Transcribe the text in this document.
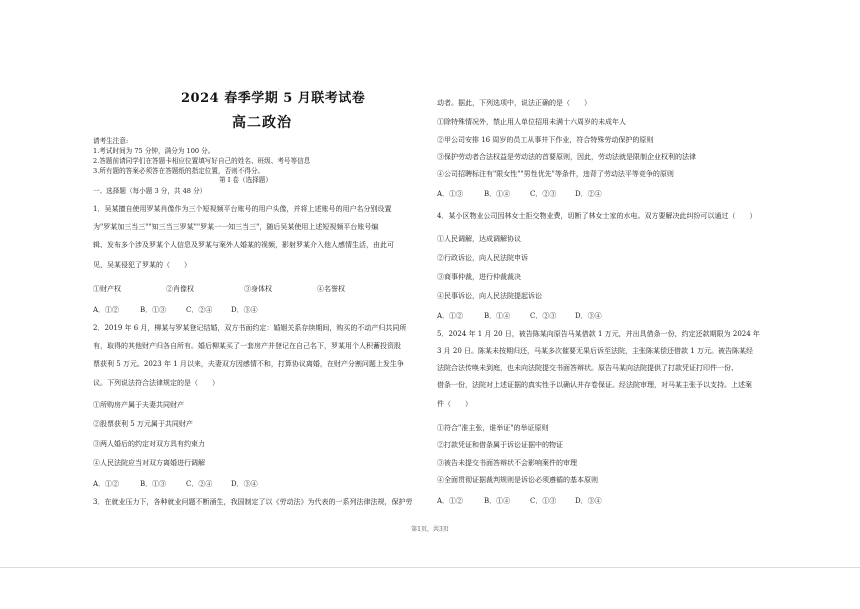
2024 春季学期 5 月联考试卷
高二政治
请考生注意:
1.考试时间为 75 分钟，满分为 100 分。
2.答题前请同学们在答题卡相应位置填写好自己的姓名、班级、考号等信息
3.所有题的答案必须答在答题纸的指定位置，否则不得分。
第 I 卷（选择题）
一、选择题（每小题 3 分，共 48 分）
1．吴某擅自使用罗某肖像作为三个短视频平台账号的用户头像，并将上述账号的用户名分别设置
为"罗某加三当三""知三当三罗某""罗某一一知三当三"，随后吴某使用上述短视频平台账号编
辑、发布多个涉及罗某个人信息及罗某与案外人婚某的视频，影射罗某介入他人感情生活，由此可
见，吴某侵犯了罗某的（　　）
①财产权	②肖像权	③身体权	④名誉权
A．①②	B．①③	C．②④	D．③④
2．2019 年 6 月，柳某与罗某登记结婚，双方书面约定：婚姻关系存续期间，购买的不动产归共同所
有，取得的其他财产归各自所有。婚后柳某买了一套房产并登记在自己名下，罗某用个人积蓄投资股
票获利 5 万元。2023 年 1 月以来，夫妻双方因感情不和，打算协议离婚，在财产分割问题上发生争
议。下列说法符合法律规定的是（　　）
①所购房产属于夫妻共同财产
②股票获利 5 万元属于共同财产
③两人婚后的约定对双方具有约束力
④人民法院应当对双方离婚进行调解
A．①②	B．①③	C．②④	D．③④
3．在就业压力下，各种就业问题不断涌生，我国制定了以《劳动法》为代表的一系列法律法规，保护劳
动者。据此，下列选项中，说法正确的是（　　）
①除特殊情况外，禁止用人单位招用未满十六周岁的未成年人
②甲公司安排 16 周岁的员工从事井下作业，符合特殊劳动保护的原则
③保护劳动者合法权益是劳动法的首要原则，因此，劳动法就是限制企业权利的法律
④公司招聘标注有"限女性""男性优先"等条件，违背了劳动法平等竞争的原则
A．①③	B．①④	C．②③	D．②④
4．某小区物业公司因林女士拒交物业费，切断了林女士家的水电。双方要解决此纠纷可以通过（　　）
①人民调解，达成调解协议
②行政诉讼，向人民法院申诉
③商事仲裁，进行仲裁裁决
④民事诉讼，向人民法院提起诉讼
A．①②	B．①④	C．②③	D．③④
5．2024 年 1 月 20 日，被告陈某向原告马某借款 1 万元，并出具借条一份，约定还款期限为 2024 年
3 月 20 日。陈某未按期归还，马某多次催要无果后诉至法院，主张陈某偿还借款 1 万元。被告陈某经
法院合法传唤未到庭，也未向法院提交书面答辩状。原告马某向法院提供了打款凭证打印件一份、
借条一份，法院对上述证据的真实性予以确认并存卷保证。经法院审理，对马某主张予以支持。上述案
件（　　）
①符合"准主张，谁举证"的举证原则
②打款凭证和借条属于诉讼证据中的物证
③被告未提交书面答辩状不会影响案件的审理
④全面贯彻证据裁判规则是诉讼必须遵循的基本原则
A．①②	B．①④	C．①③	D．③④
第1页，共3页
